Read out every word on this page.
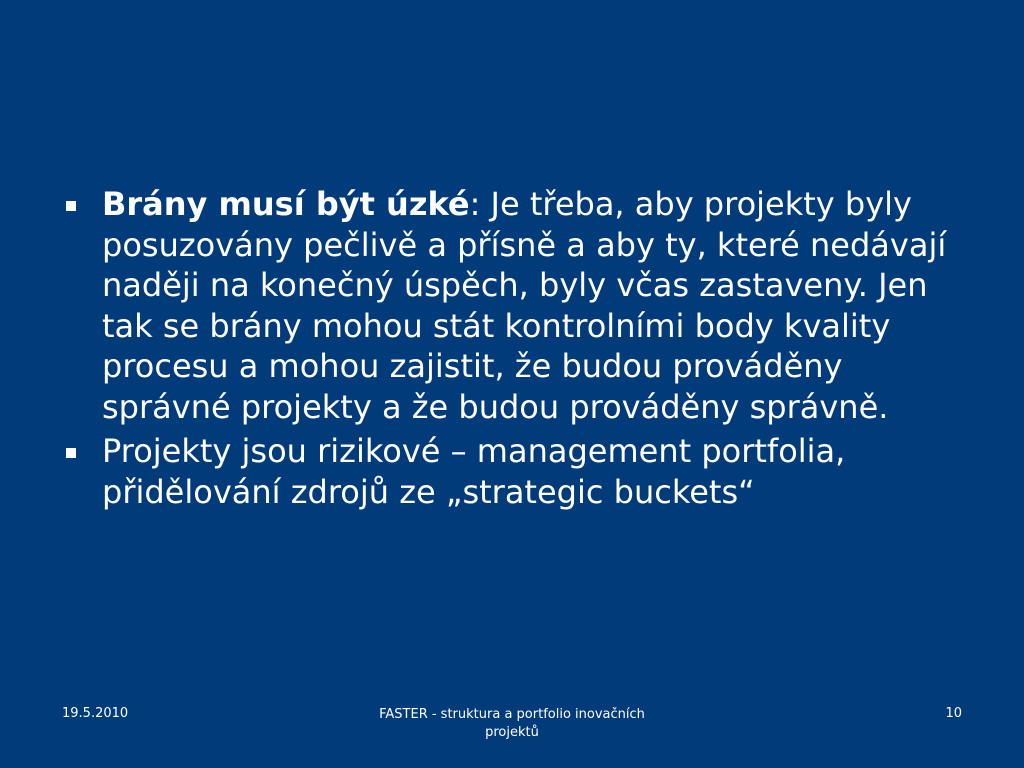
Brány musí být úzké: Je třeba, aby projekty byly posuzovány pečlivě a přísně a aby ty, které nedávají naději na konečný úspěch, byly včas zastaveny. Jen tak se brány mohou stát kontrolními body kvality procesu a mohou zajistit, že budou prováděny správné projekty a že budou prováděny správně.
Projekty jsou rizikové – management portfolia, přidělování zdrojů ze „strategic buckets“
19.5.2010	FASTER - struktura a portfolio inovačních
projektů
10
